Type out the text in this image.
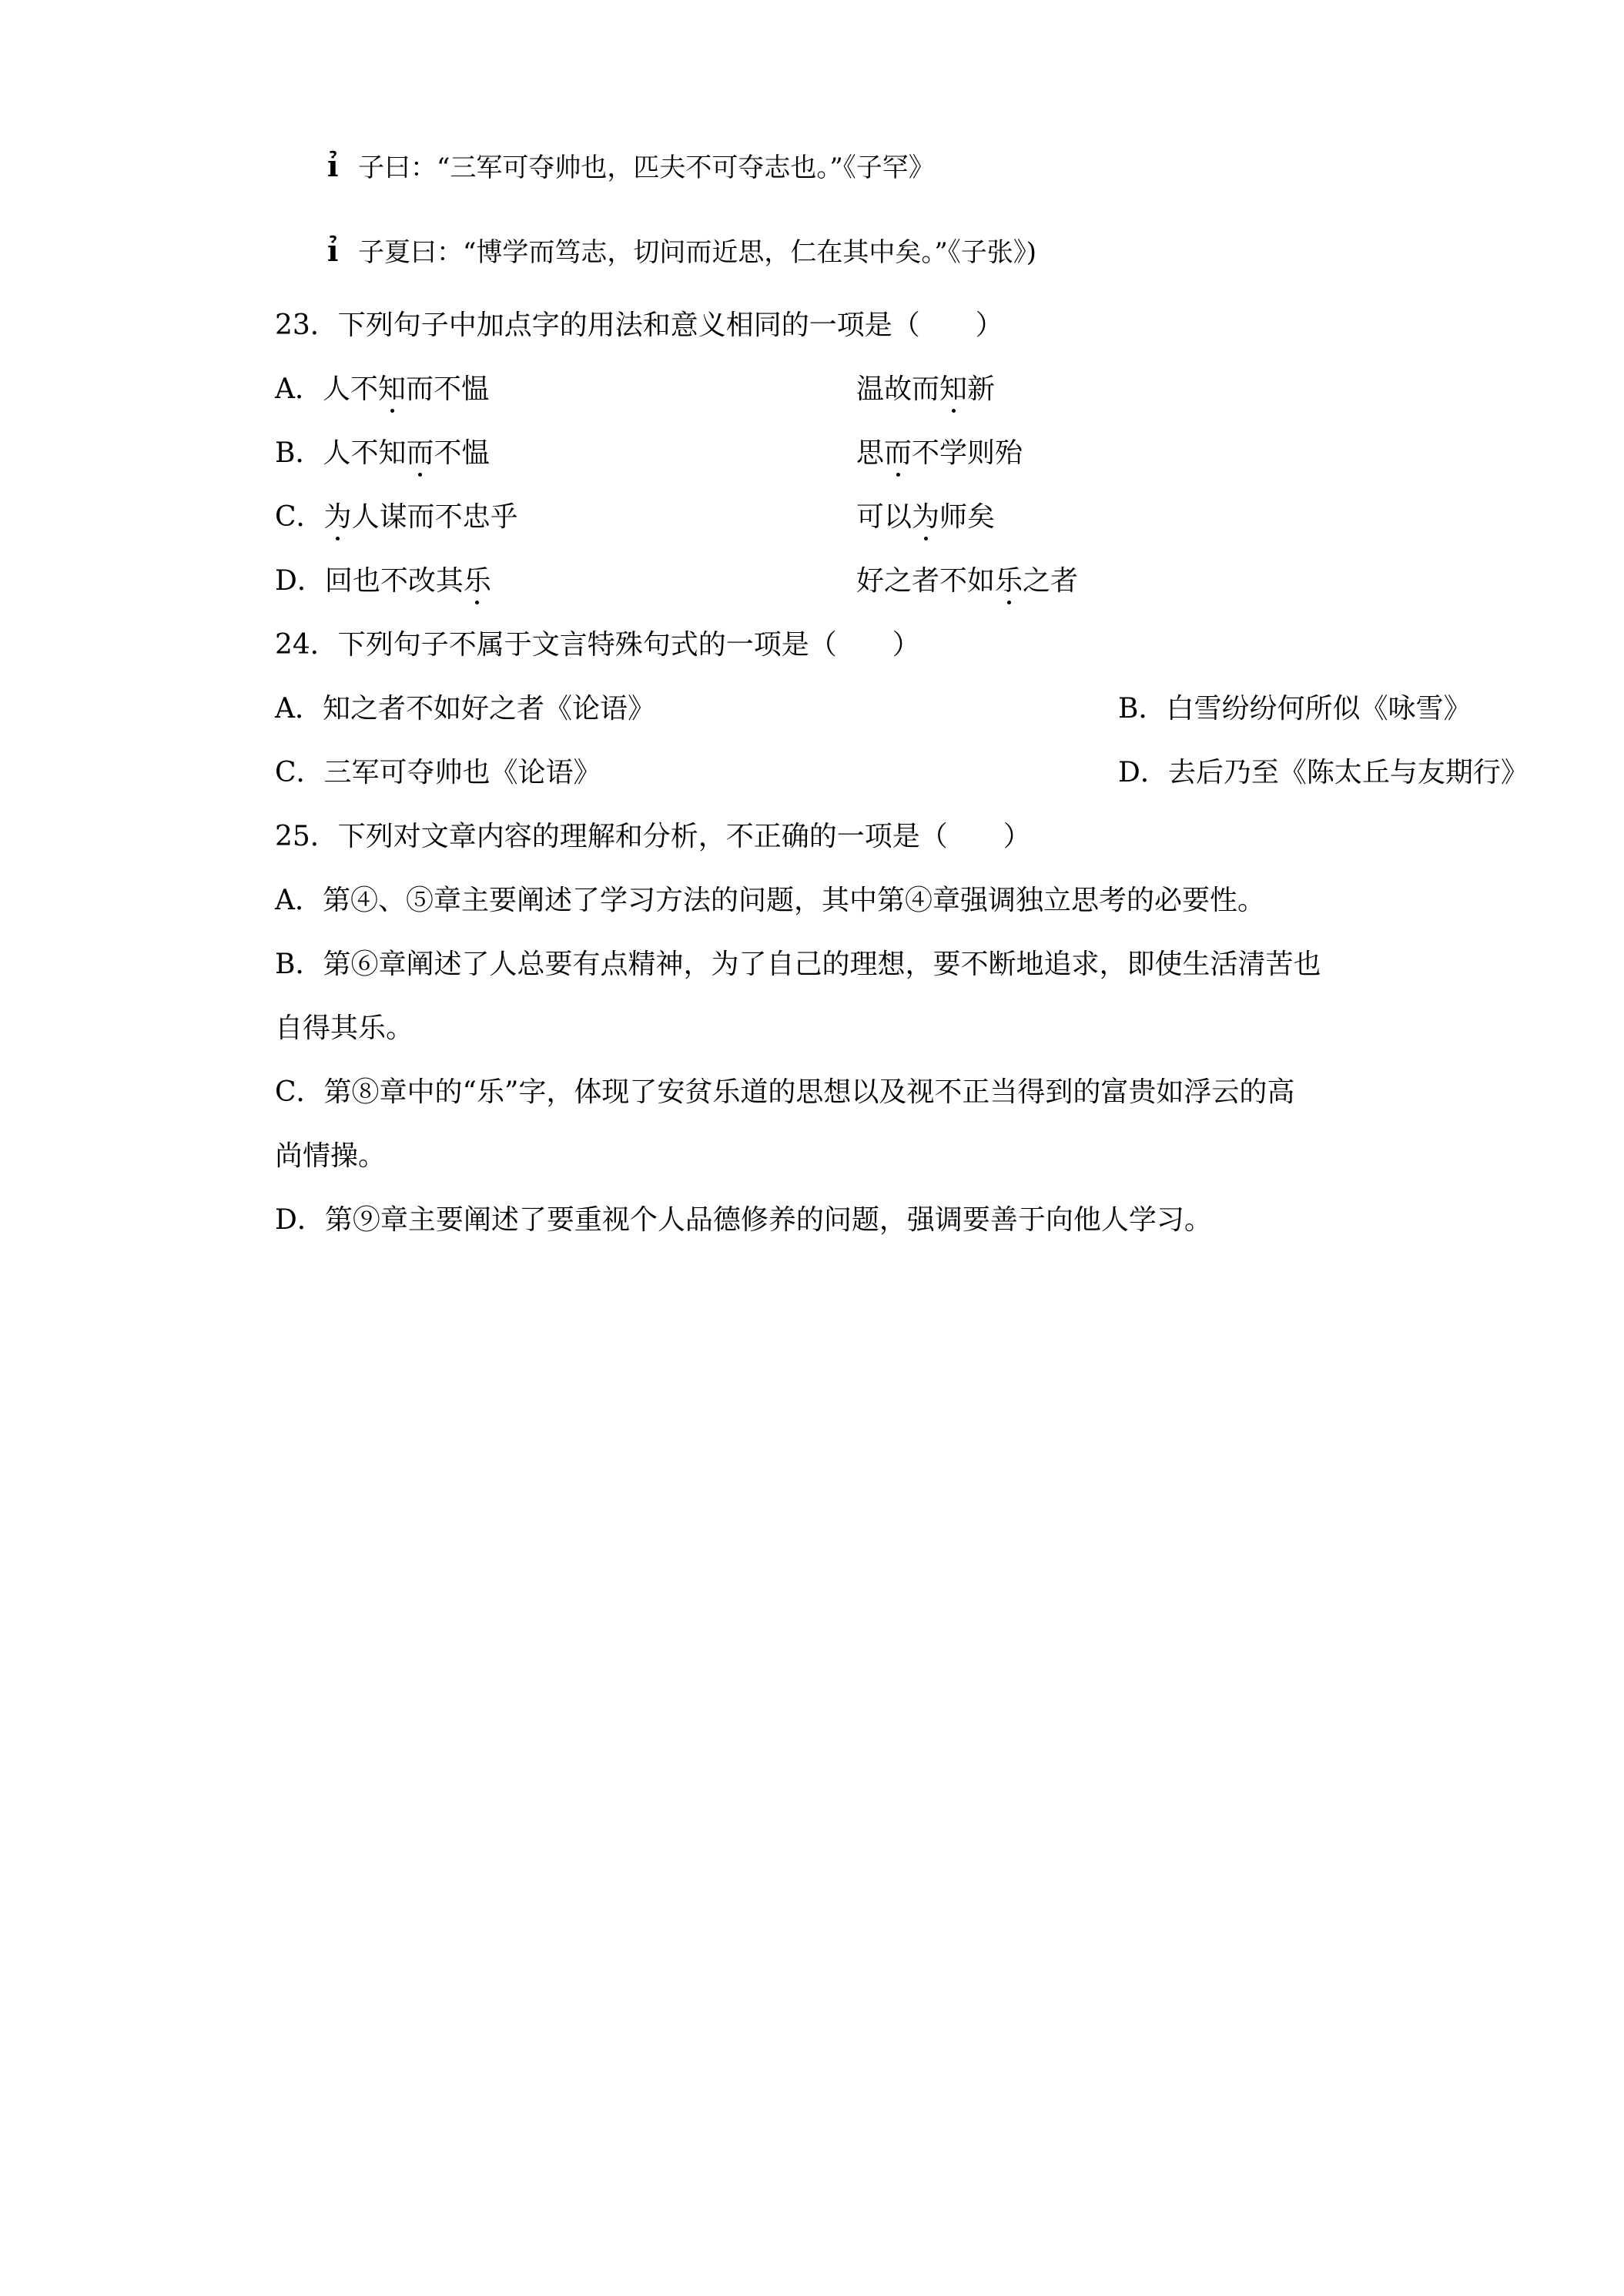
ỉ 子曰：“三军可夺帅也，匹夫不可夺志也。”《子罕》
ỉ 子夏曰：“博学而笃志，切问而近思，仁在其中矣。”《子张》)
23．下列句子中加点字的用法和意义相同的一项是（　　）
A．人不知而不愠	温故而知新
B．人不知而不愠	思而不学则殆
C．为人谋而不忠乎	可以为师矣
D．回也不改其乐	好之者不如乐之者
24．下列句子不属于文言特殊句式的一项是（　　）
A．知之者不如好之者《论语》	B．白雪纷纷何所似《咏雪》
C．三军可夺帅也《论语》	D．去后乃至《陈太丘与友期行》
25．下列对文章内容的理解和分析，不正确的一项是（　　）
A．第④、⑤章主要阐述了学习方法的问题，其中第④章强调独立思考的必要性。
B．第⑥章阐述了人总要有点精神，为了自己的理想，要不断地追求，即使生活清苦也
自得其乐。
C．第⑧章中的“乐”字，体现了安贫乐道的思想以及视不正当得到的富贵如浮云的高
尚情操。
D．第⑨章主要阐述了要重视个人品德修养的问题，强调要善于向他人学习。
